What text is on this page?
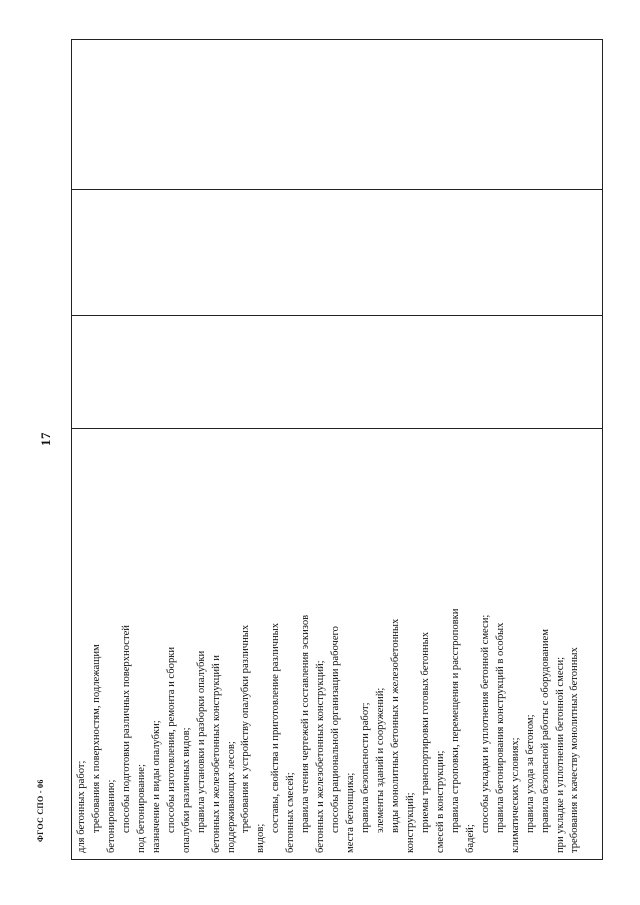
17
для бетонных работ; требования к поверхностям, подлежащим бетонированию; способы подготовки различных поверхностей под бетонирование; назначение и виды опалубки; способы изготовления, ремонта и сборки опалубки различных видов; правила установки и разборки опалубки бетонных и железобетонных конструкций и поддерживающих лесов; требования к устройству опалубки различных
видов;
составы, свойства и приготовление различных бетонных смесей; правила чтения чертежей и составления эскизов бетонных и железобетонных конструкций; способы рациональной организации рабочего места бетонщика; правила безопасности работ; элементы зданий и сооружений; виды монолитных бетонных и железобетонных конструкций; приемы транспортировки готовых бетонных смесей в конструкции; правила строповки, перемещения и расстроповки
бадей;
способы укладки и уплотнения бетонной смеси; правила бетонирования конструкций в особых климатических условиях; правила ухода за бетоном; правила безопасной работы с оборудованием при укладке и уплотнении бетонной смеси; требования к качеству монолитных бетонных

ФГОС СПО - 06
